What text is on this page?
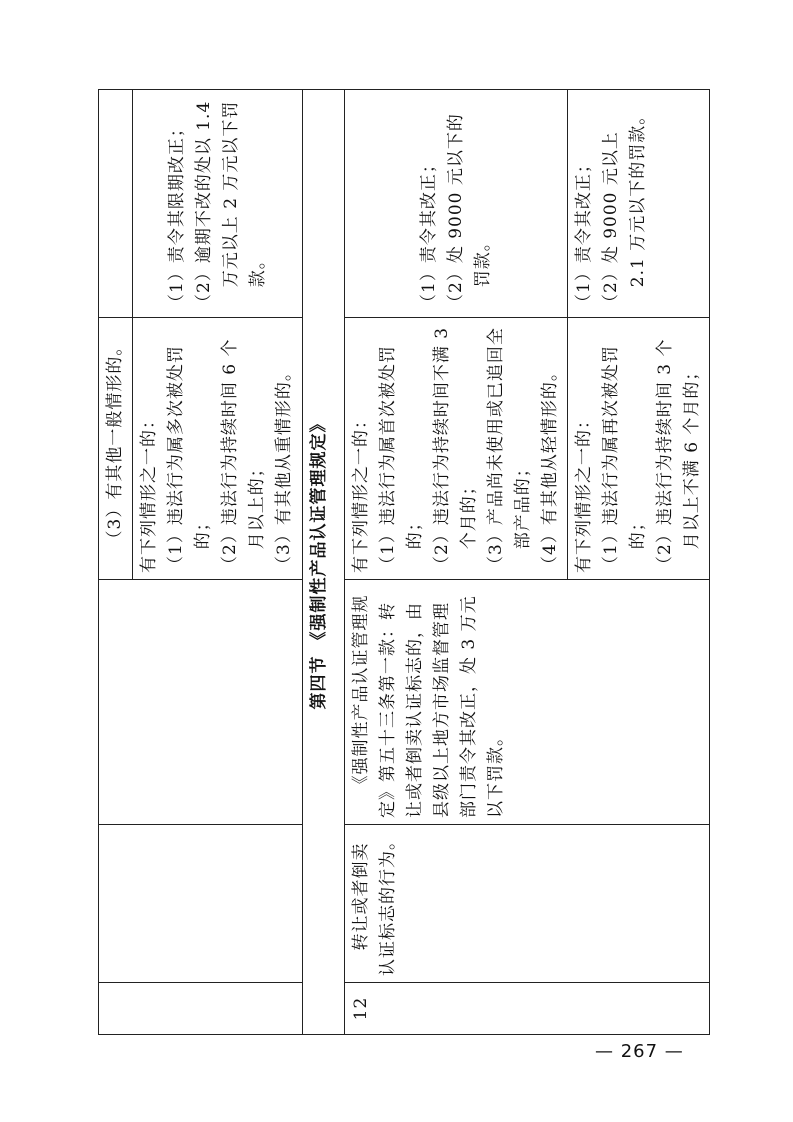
			（3）有其他一般情形的。	

			有下列情形之一的： （1）违法行为属多次被处罚的； （2）违法行为持续时间 6 个月以上的； （3）有其他从重情形的。	（1）责令其限期改正； （2）逾期不改的处以 1.4 万元以上 2 万元以下罚款。

第四节 《强制性产品认证管理规定》				
12	转让或者倒卖认证标志的行为。	《强制性产品认证管理规定》第五十三条第一款：转让或者倒卖认证标志的，由县级以上地方市场监督管理部门责令其改正，处 3 万元以下罚款。	有下列情形之一的： （1）违法行为属首次被处罚的； （2）违法行为持续时间不满 3 个月的； （3）产品尚未使用或已追回全部产品的； （4）有其他从轻情形的。	（1）责令其改正； （2）处 9000 元以下的罚款。

			有下列情形之一的： （1）违法行为属再次被处罚的； （2）违法行为持续时间 3 个月以上不满 6 个月的；	（1）责令其改正； （2）处 9000 元以上 2.1 万元以下的罚款。
— 267 —
